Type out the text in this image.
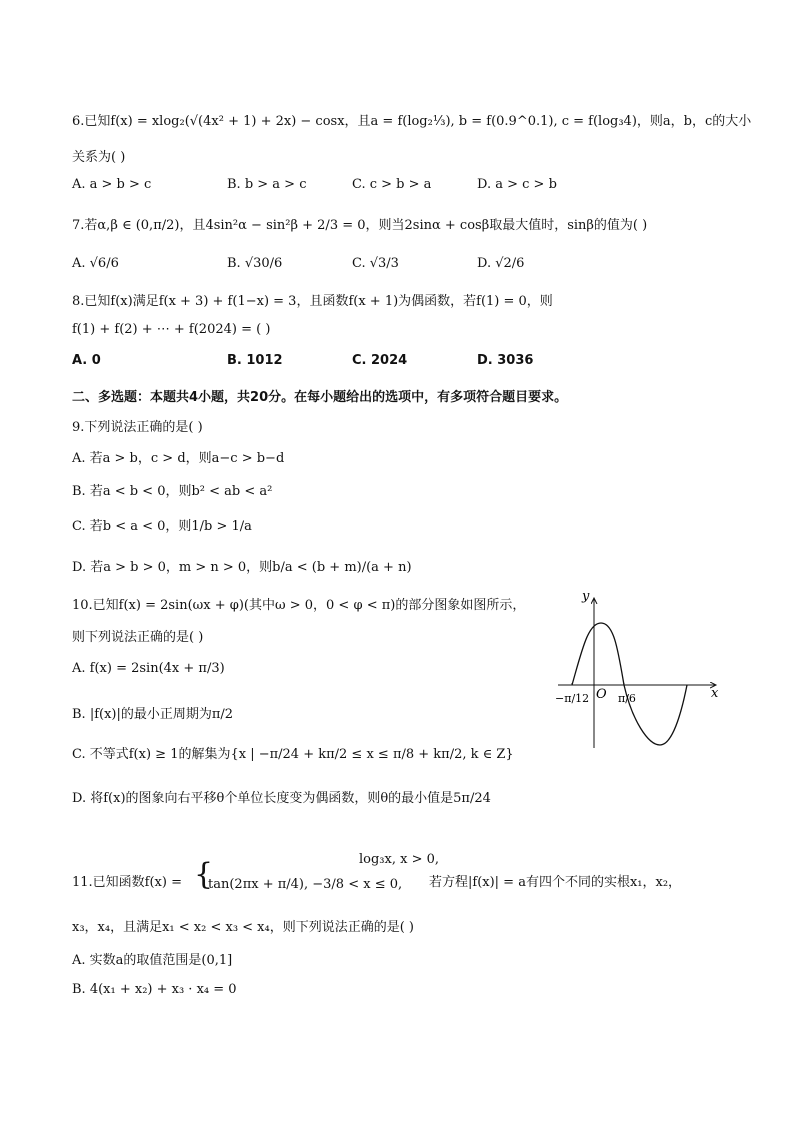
6.已知f(x) = xlog₂(√(4x² + 1) + 2x) − cosx，且a = f(log₂⅓), b = f(0.9^0.1), c = f(log₃4)，则a，b，c的大小
关系为( )
A. a > b > c	B. b > a > c	C. c > b > a	D. a > c > b
7.若α,β ∈ (0,π/2)，且4sin²α − sin²β + 2/3 = 0，则当2sinα + cosβ取最大值时，sinβ的值为( )
A. √6/6	B. √30/6	C. √3/3	D. √2/6
8.已知f(x)满足f(x + 3) + f(1−x) = 3，且函数f(x + 1)为偶函数，若f(1) = 0，则
f(1) + f(2) + ⋯ + f(2024) = ( )
A. 0	B. 1012	C. 2024	D. 3036
二、多选题：本题共4小题，共20分。在每小题给出的选项中，有多项符合题目要求。
9.下列说法正确的是( )
A. 若a > b，c > d，则a−c > b−d
B. 若a < b < 0，则b² < ab < a²
C. 若b < a < 0，则1/b > 1/a
D. 若a > b > 0，m > n > 0，则b/a < (b + m)/(a + n)
10.已知f(x) = 2sin(ωx + φ)(其中ω > 0，0 < φ < π)的部分图象如图所示，
则下列说法正确的是( )
A. f(x) = 2sin(4x + π/3)
B. |f(x)|的最小正周期为π/2
C. 不等式f(x) ≥ 1的解集为{x | −π/24 + kπ/2 ≤ x ≤ π/8 + kπ/2, k ∈ Z}
D. 将f(x)的图象向右平移θ个单位长度变为偶函数，则θ的最小值是5π/24
y
x
O
−π/12	π/6
11.已知函数f(x) = {	log₃x, x > 0,
tan(2πx + π/4), −3/8 < x ≤ 0, 若方程|f(x)| = a有四个不同的实根x₁，x₂，
x₃，x₄，且满足x₁ < x₂ < x₃ < x₄，则下列说法正确的是( )
A. 实数a的取值范围是(0,1]
B. 4(x₁ + x₂) + x₃ · x₄ = 0
